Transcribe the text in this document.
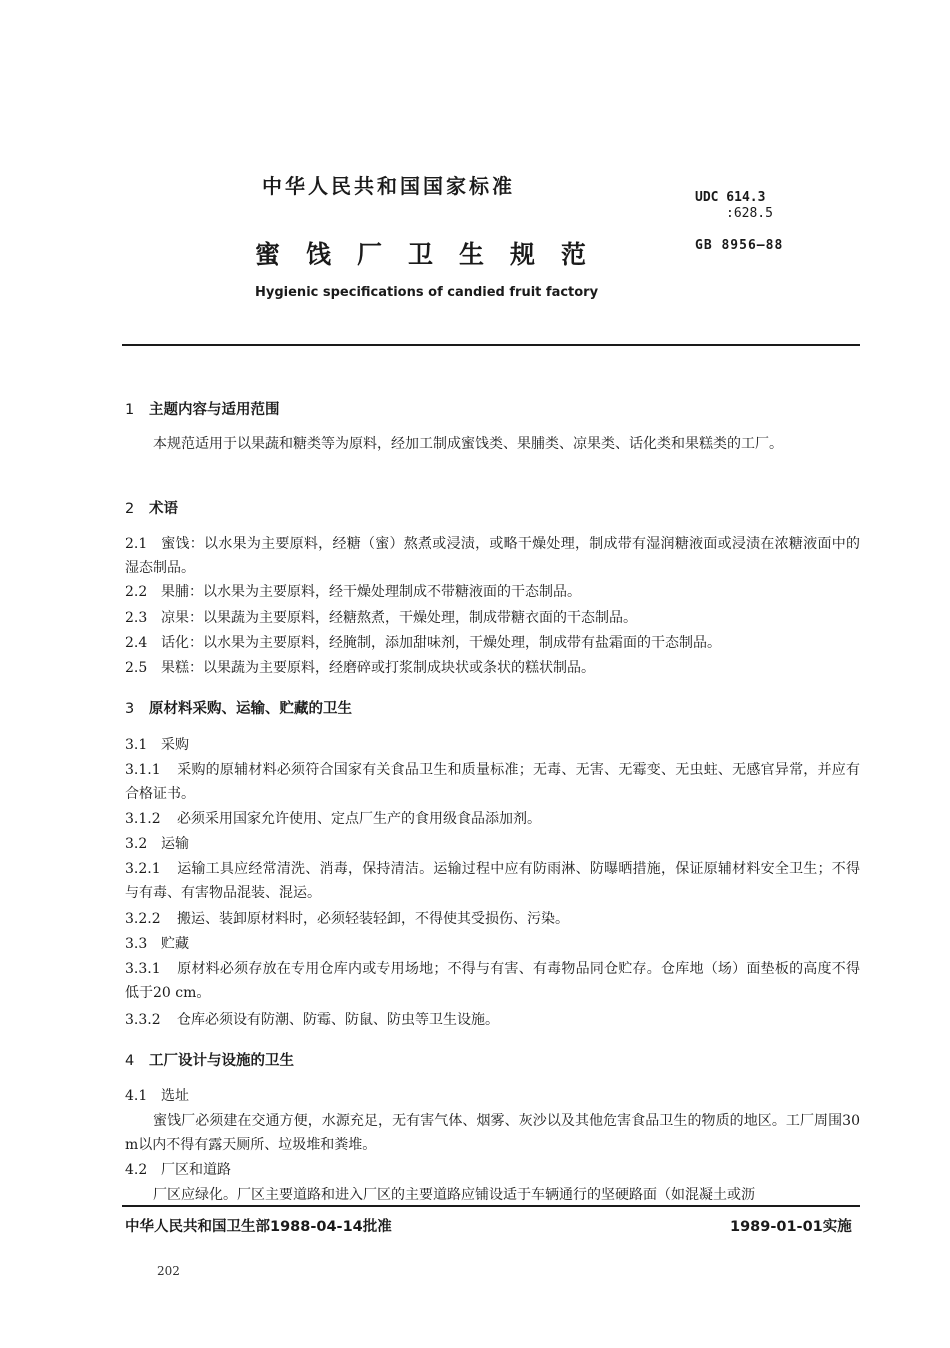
中华人民共和国国家标准
蜜饯厂卫生规范
Hygienic specifications of candied fruit factory
UDC 614.3
:628.5
GB 8956—88
1 主题内容与适用范围
本规范适用于以果蔬和糖类等为原料，经加工制成蜜饯类、果脯类、凉果类、话化类和果糕类的工厂。
2 术语
2.1 蜜饯：以水果为主要原料，经糖（蜜）熬煮或浸渍，或略干燥处理，制成带有湿润糖液面或浸渍在浓糖液面中的湿态制品。
2.2 果脯：以水果为主要原料，经干燥处理制成不带糖液面的干态制品。
2.3 凉果：以果蔬为主要原料，经糖熬煮，干燥处理，制成带糖衣面的干态制品。
2.4 话化：以水果为主要原料，经腌制，添加甜味剂，干燥处理，制成带有盐霜面的干态制品。
2.5 果糕：以果蔬为主要原料，经磨碎或打浆制成块状或条状的糕状制品。
3 原材料采购、运输、贮藏的卫生
3.1 采购
3.1.1 采购的原辅材料必须符合国家有关食品卫生和质量标准；无毒、无害、无霉变、无虫蛀、无感官异常，并应有合格证书。
3.1.2 必须采用国家允许使用、定点厂生产的食用级食品添加剂。
3.2 运输
3.2.1 运输工具应经常清洗、消毒，保持清洁。运输过程中应有防雨淋、防曝晒措施，保证原辅材料安全卫生；不得与有毒、有害物品混装、混运。
3.2.2 搬运、装卸原材料时，必须轻装轻卸，不得使其受损伤、污染。
3.3 贮藏
3.3.1 原材料必须存放在专用仓库内或专用场地；不得与有害、有毒物品同仓贮存。仓库地（场）面垫板的高度不得低于20 cm。
3.3.2 仓库必须设有防潮、防霉、防鼠、防虫等卫生设施。
4 工厂设计与设施的卫生
4.1 选址
蜜饯厂必须建在交通方便，水源充足，无有害气体、烟雾、灰沙以及其他危害食品卫生的物质的地区。工厂周围30 m以内不得有露天厕所、垃圾堆和粪堆。
4.2 厂区和道路
厂区应绿化。厂区主要道路和进入厂区的主要道路应铺设适于车辆通行的坚硬路面（如混凝土或沥
中华人民共和国卫生部1988-04-14批准	1989-01-01实施
202
